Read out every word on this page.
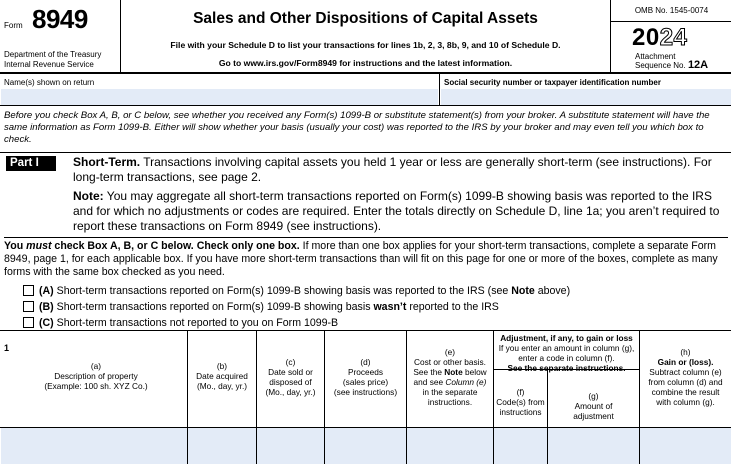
Form 8949
Department of the Treasury
Internal Revenue Service
Sales and Other Dispositions of Capital Assets
File with your Schedule D to list your transactions for lines 1b, 2, 3, 8b, 9, and 10 of Schedule D.
Go to www.irs.gov/Form8949 for instructions and the latest information.
OMB No. 1545-0074
2024
Attachment
Sequence No. 12A
Name(s) shown on return	Social security number or taxpayer identification number
Before you check Box A, B, or C below, see whether you received any Form(s) 1099-B or substitute statement(s) from your broker. A substitute statement will have the same information as Form 1099-B. Either will show whether your basis (usually your cost) was reported to the IRS by your broker and may even tell you which box to check.
Part I	Short-Term. Transactions involving capital assets you held 1 year or less are generally short-term (see instructions). For long-term transactions, see page 2.
Note: You may aggregate all short-term transactions reported on Form(s) 1099-B showing basis was reported to the IRS and for which no adjustments or codes are required. Enter the totals directly on Schedule D, line 1a; you aren’t required to report these transactions on Form 8949 (see instructions).
You must check Box A, B, or C below. Check only one box. If more than one box applies for your short-term transactions, complete a separate Form 8949, page 1, for each applicable box. If you have more short-term transactions than will fit on this page for one or more of the boxes, complete as many forms with the same box checked as you need.
(A) Short-term transactions reported on Form(s) 1099-B showing basis was reported to the IRS (see Note above)
(B) Short-term transactions reported on Form(s) 1099-B showing basis wasn’t reported to the IRS
(C) Short-term transactions not reported to you on Form 1099-B
1
(a)
Description of property
(Example: 100 sh. XYZ Co.)
(b)
Date acquired
(Mo., day, yr.)
(c)
Date sold or
disposed of
(Mo., day, yr.)
(d)
Proceeds
(sales price)
(see instructions)
(e)
Cost or other basis.
See the Note below
and see Column (e)
in the separate
instructions.
Adjustment, if any, to gain or loss
If you enter an amount in column (g),
enter a code in column (f).
See the separate instructions.
(f)
Code(s) from
instructions
(g)
Amount of
adjustment
(h)
Gain or (loss).
Subtract column (e)
from column (d) and
combine the result
with column (g).
